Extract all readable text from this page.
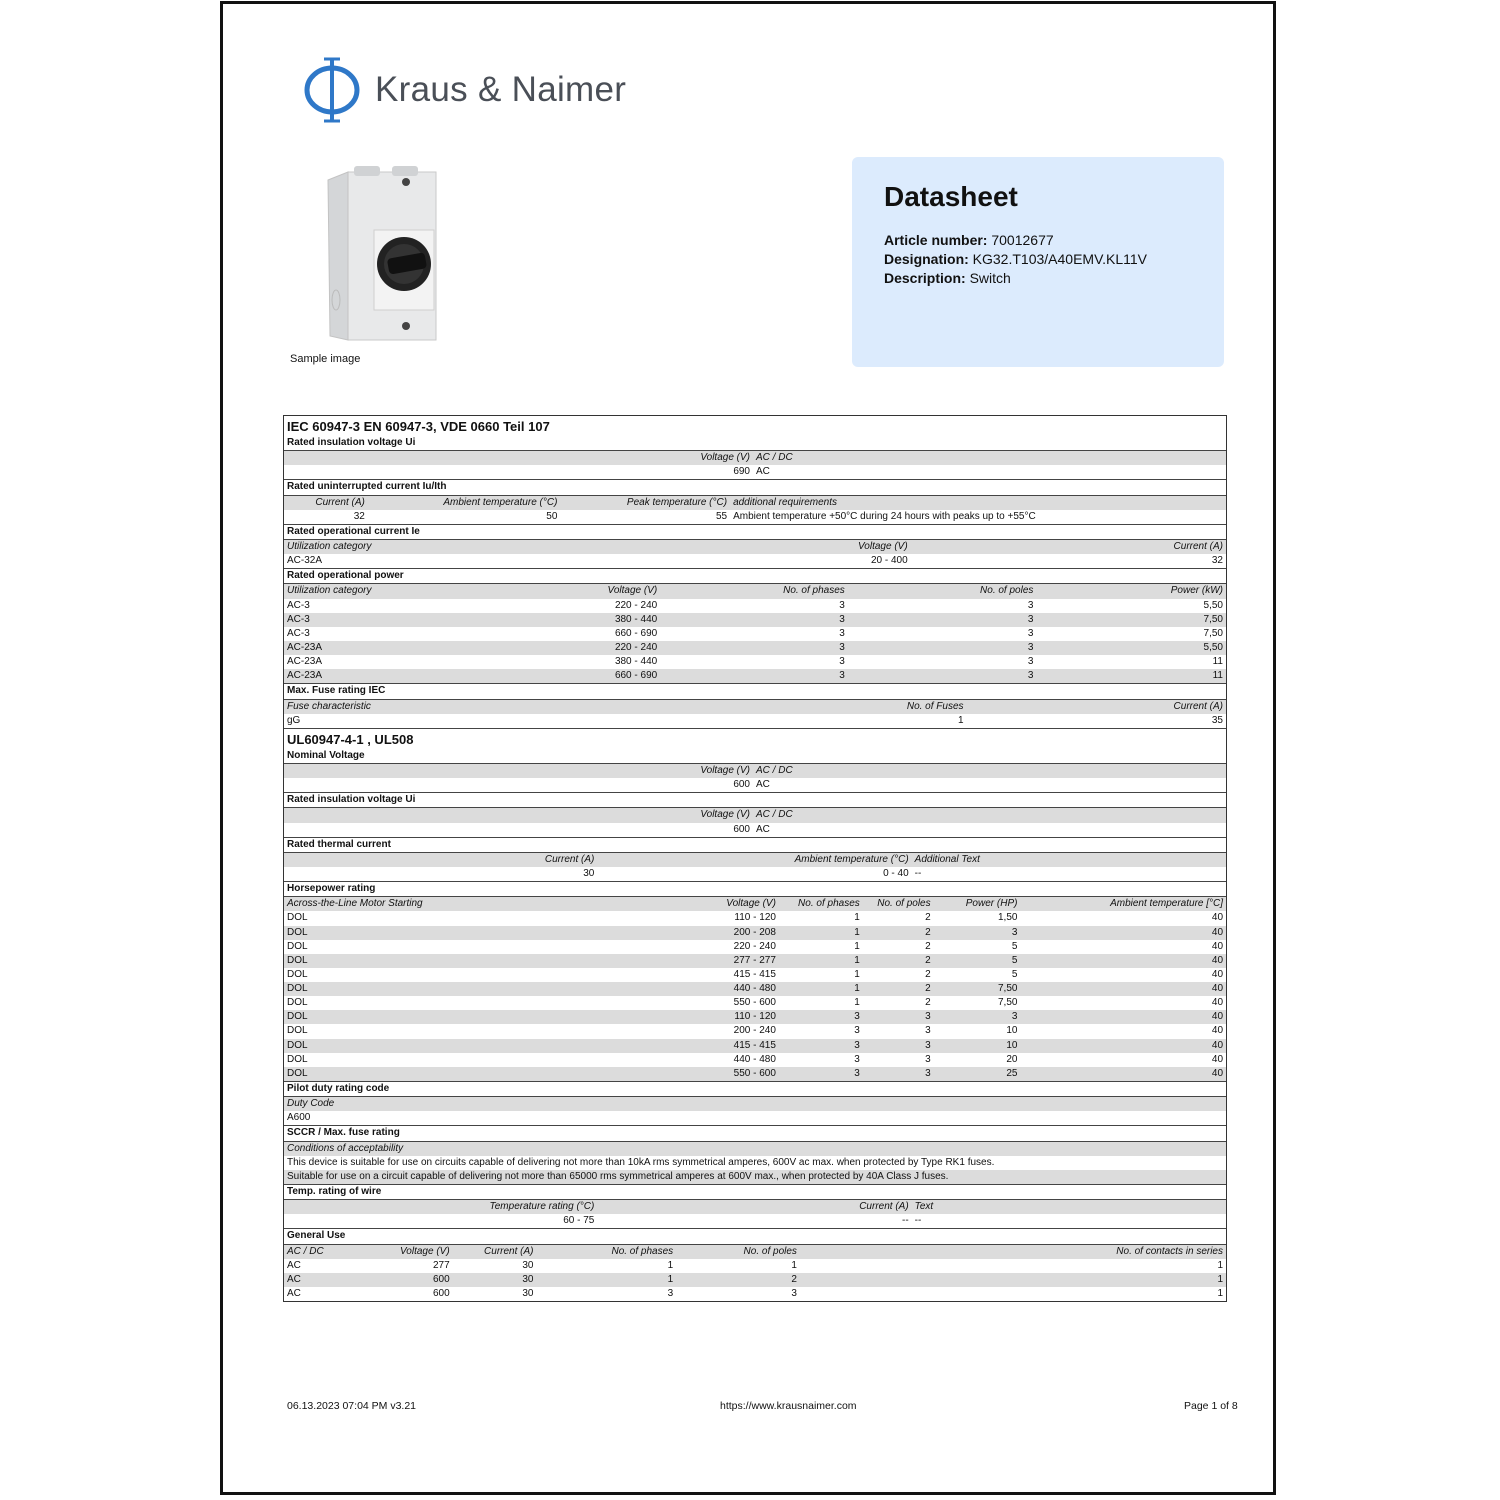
Kraus & Naimer
Sample image
Datasheet
Article number: 70012677
Designation: KG32.T103/A40EMV.KL11V
Description: Switch
IEC 60947-3 EN 60947-3, VDE 0660 Teil 107
Rated insulation voltage Ui
Voltage (V) AC / DC
690 AC
Rated uninterrupted current Iu/Ith
Current (A)	Ambient temperature (°C)	Peak temperature (°C) additional requirements
32	50	55 Ambient temperature +50°C during 24 hours with peaks up to +55°C
Rated operational current Ie
Utilization category	Voltage (V)	Current (A)
AC-32A	20 - 400	32
Rated operational power
Utilization category	Voltage (V)	No. of phases	No. of poles	Power (kW)
AC-3	220 - 240	3	3	5,50
AC-3	380 - 440	3	3	7,50
AC-3	660 - 690	3	3	7,50
AC-23A	220 - 240	3	3	5,50
AC-23A	380 - 440	3	3	11
AC-23A	660 - 690	3	3	11
Max. Fuse rating IEC
Fuse characteristic	No. of Fuses	Current (A)
gG	1	35
UL60947-4-1 , UL508
Nominal Voltage
Voltage (V) AC / DC
600 AC
Rated insulation voltage Ui
Voltage (V) AC / DC
600 AC
Rated thermal current
Current (A)	Ambient temperature (°C) Additional Text
30	0 - 40 --
Horsepower rating
Across-the-Line Motor Starting	Voltage (V)	No. of phases	No. of poles	Power (HP)	Ambient temperature [°C]
DOL	110 - 120	1	2	1,50	40
DOL	200 - 208	1	2	3	40
DOL	220 - 240	1	2	5	40
DOL	277 - 277	1	2	5	40
DOL	415 - 415	1	2	5	40
DOL	440 - 480	1	2	7,50	40
DOL	550 - 600	1	2	7,50	40
DOL	110 - 120	3	3	3	40
DOL	200 - 240	3	3	10	40
DOL	415 - 415	3	3	10	40
DOL	440 - 480	3	3	20	40
DOL	550 - 600	3	3	25	40
Pilot duty rating code
Duty Code
A600
SCCR / Max. fuse rating
Conditions of acceptability
This device is suitable for use on circuits capable of delivering not more than 10kA rms symmetrical amperes, 600V ac max. when protected by Type RK1 fuses.
Suitable for use on a circuit capable of delivering not more than 65000 rms symmetrical amperes at 600V max., when protected by 40A Class J fuses.
Temp. rating of wire
Temperature rating (°C)	Current (A) Text
60 - 75	-- --
General Use
AC / DC	Voltage (V)	Current (A)	No. of phases	No. of poles	No. of contacts in series
AC	277	30	1	1	1
AC	600	30	1	2	1
AC	600	30	3	3	1
06.13.2023 07:04 PM v3.21	https://www.krausnaimer.com	Page 1 of 8
